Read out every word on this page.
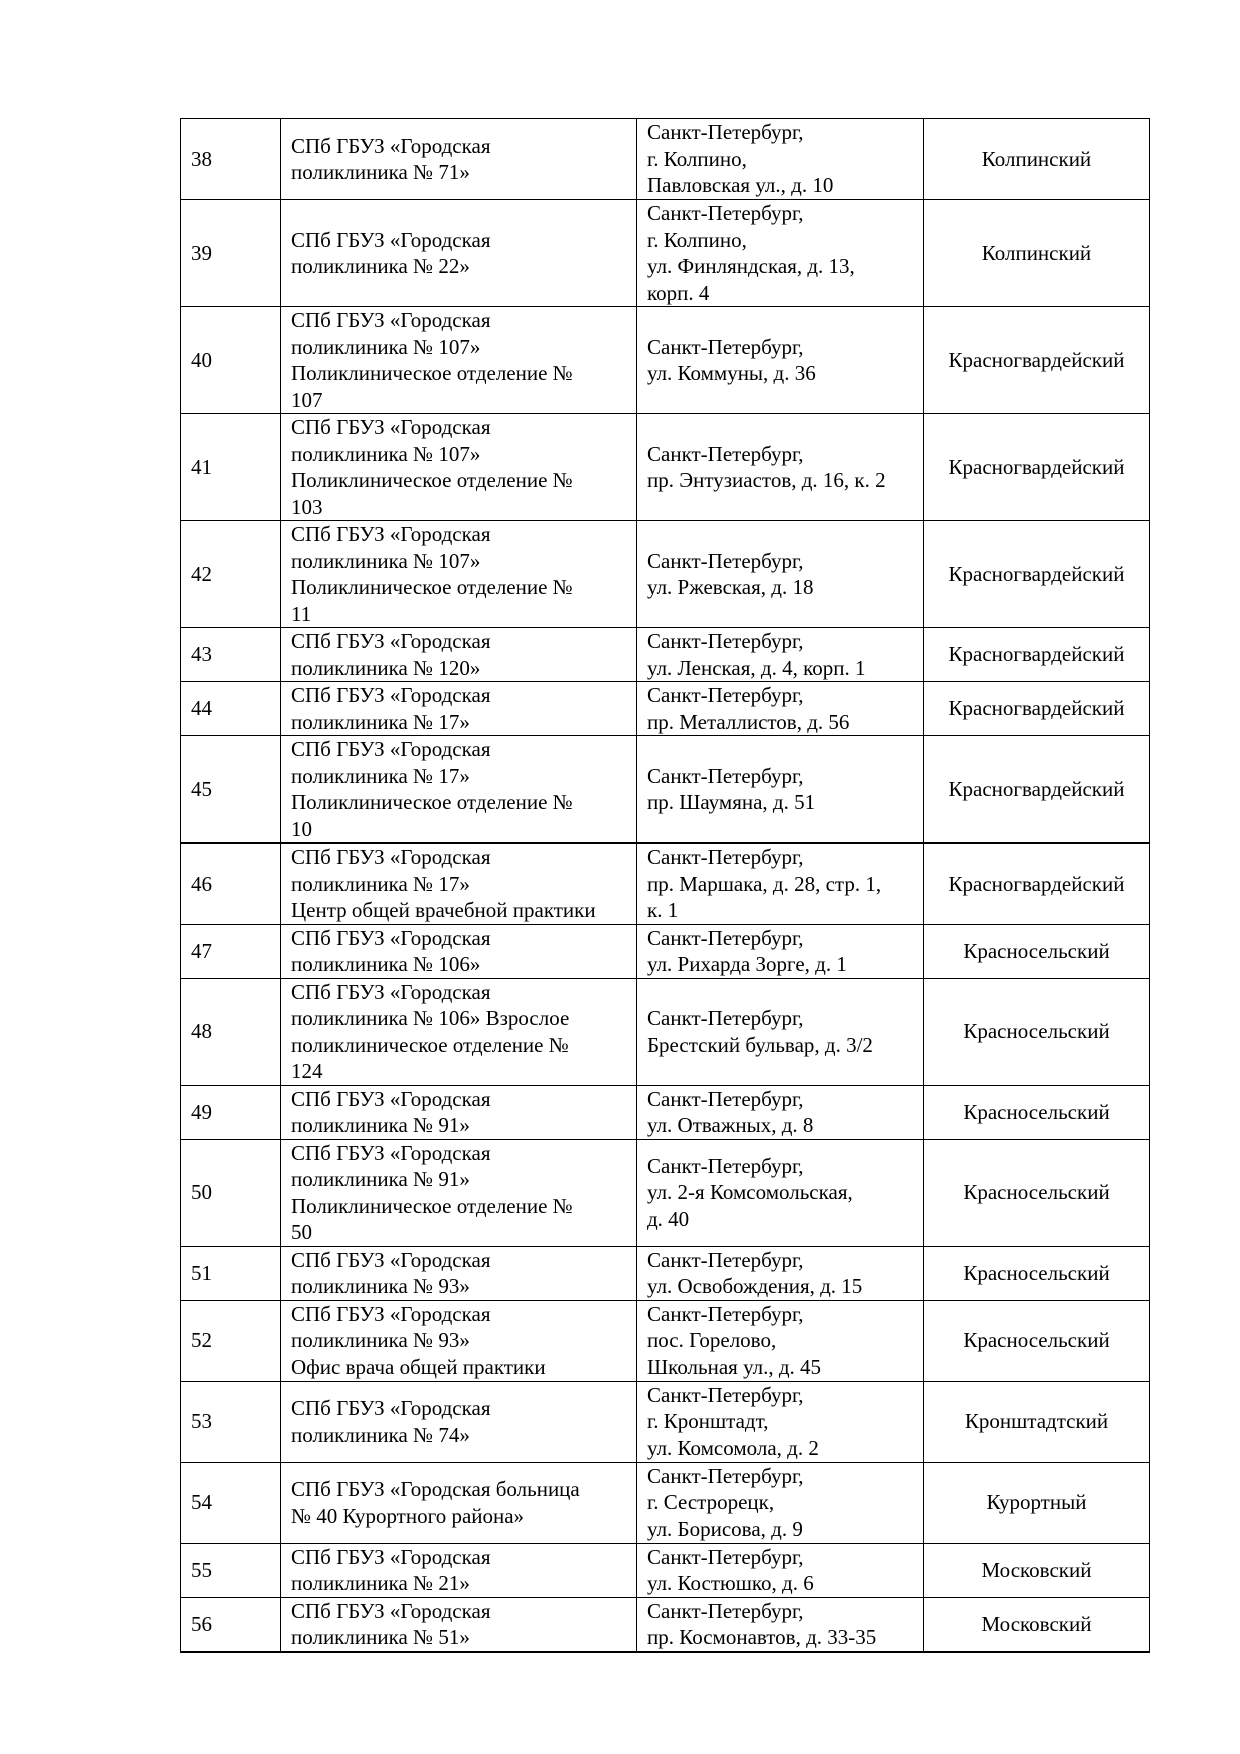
38	СПб ГБУЗ «Городская
поликлиника № 71»	Санкт-Петербург,
г. Колпино,
Павловская ул., д. 10	Колпинский
39	СПб ГБУЗ «Городская
поликлиника № 22»	Санкт-Петербург,
г. Колпино,
ул. Финляндская, д. 13,
корп. 4	Колпинский
40	СПб ГБУЗ «Городская
поликлиника № 107»
Поликлиническое отделение №
107	Санкт-Петербург,
ул. Коммуны, д. 36	Красногвардейский
41	СПб ГБУЗ «Городская
поликлиника № 107»
Поликлиническое отделение №
103	Санкт-Петербург,
пр. Энтузиастов, д. 16, к. 2	Красногвардейский
42	СПб ГБУЗ «Городская
поликлиника № 107»
Поликлиническое отделение №
11	Санкт-Петербург,
ул. Ржевская, д. 18	Красногвардейский
43	СПб ГБУЗ «Городская
поликлиника № 120»	Санкт-Петербург,
ул. Ленская, д. 4, корп. 1	Красногвардейский
44	СПб ГБУЗ «Городская
поликлиника № 17»	Санкт-Петербург,
пр. Металлистов, д. 56	Красногвардейский
45	СПб ГБУЗ «Городская
поликлиника № 17»
Поликлиническое отделение №
10	Санкт-Петербург,
пр. Шаумяна, д. 51	Красногвардейский
46	СПб ГБУЗ «Городская
поликлиника № 17»
Центр общей врачебной практики	Санкт-Петербург,
пр. Маршака, д. 28, стр. 1,
к. 1	Красногвардейский
47	СПб ГБУЗ «Городская
поликлиника № 106»	Санкт-Петербург,
ул. Рихарда Зорге, д. 1	Красносельский
48	СПб ГБУЗ «Городская
поликлиника № 106» Взрослое
поликлиническое отделение №
124	Санкт-Петербург,
Брестский бульвар, д. 3/2	Красносельский
49	СПб ГБУЗ «Городская
поликлиника № 91»	Санкт-Петербург,
ул. Отважных, д. 8	Красносельский
50	СПб ГБУЗ «Городская
поликлиника № 91»
Поликлиническое отделение №
50	Санкт-Петербург,
ул. 2-я Комсомольская,
д. 40	Красносельский
51	СПб ГБУЗ «Городская
поликлиника № 93»	Санкт-Петербург,
ул. Освобождения, д. 15	Красносельский
52	СПб ГБУЗ «Городская
поликлиника № 93»
Офис врача общей практики	Санкт-Петербург,
пос. Горелово,
Школьная ул., д. 45	Красносельский
53	СПб ГБУЗ «Городская
поликлиника № 74»	Санкт-Петербург,
г. Кронштадт,
ул. Комсомола, д. 2	Кронштадтский
54	СПб ГБУЗ «Городская больница
№ 40 Курортного района»	Санкт-Петербург,
г. Сестрорецк,
ул. Борисова, д. 9	Курортный
55	СПб ГБУЗ «Городская
поликлиника № 21»	Санкт-Петербург,
ул. Костюшко, д. 6	Московский
56	СПб ГБУЗ «Городская
поликлиника № 51»	Санкт-Петербург,
пр. Космонавтов, д. 33-35	Московский
